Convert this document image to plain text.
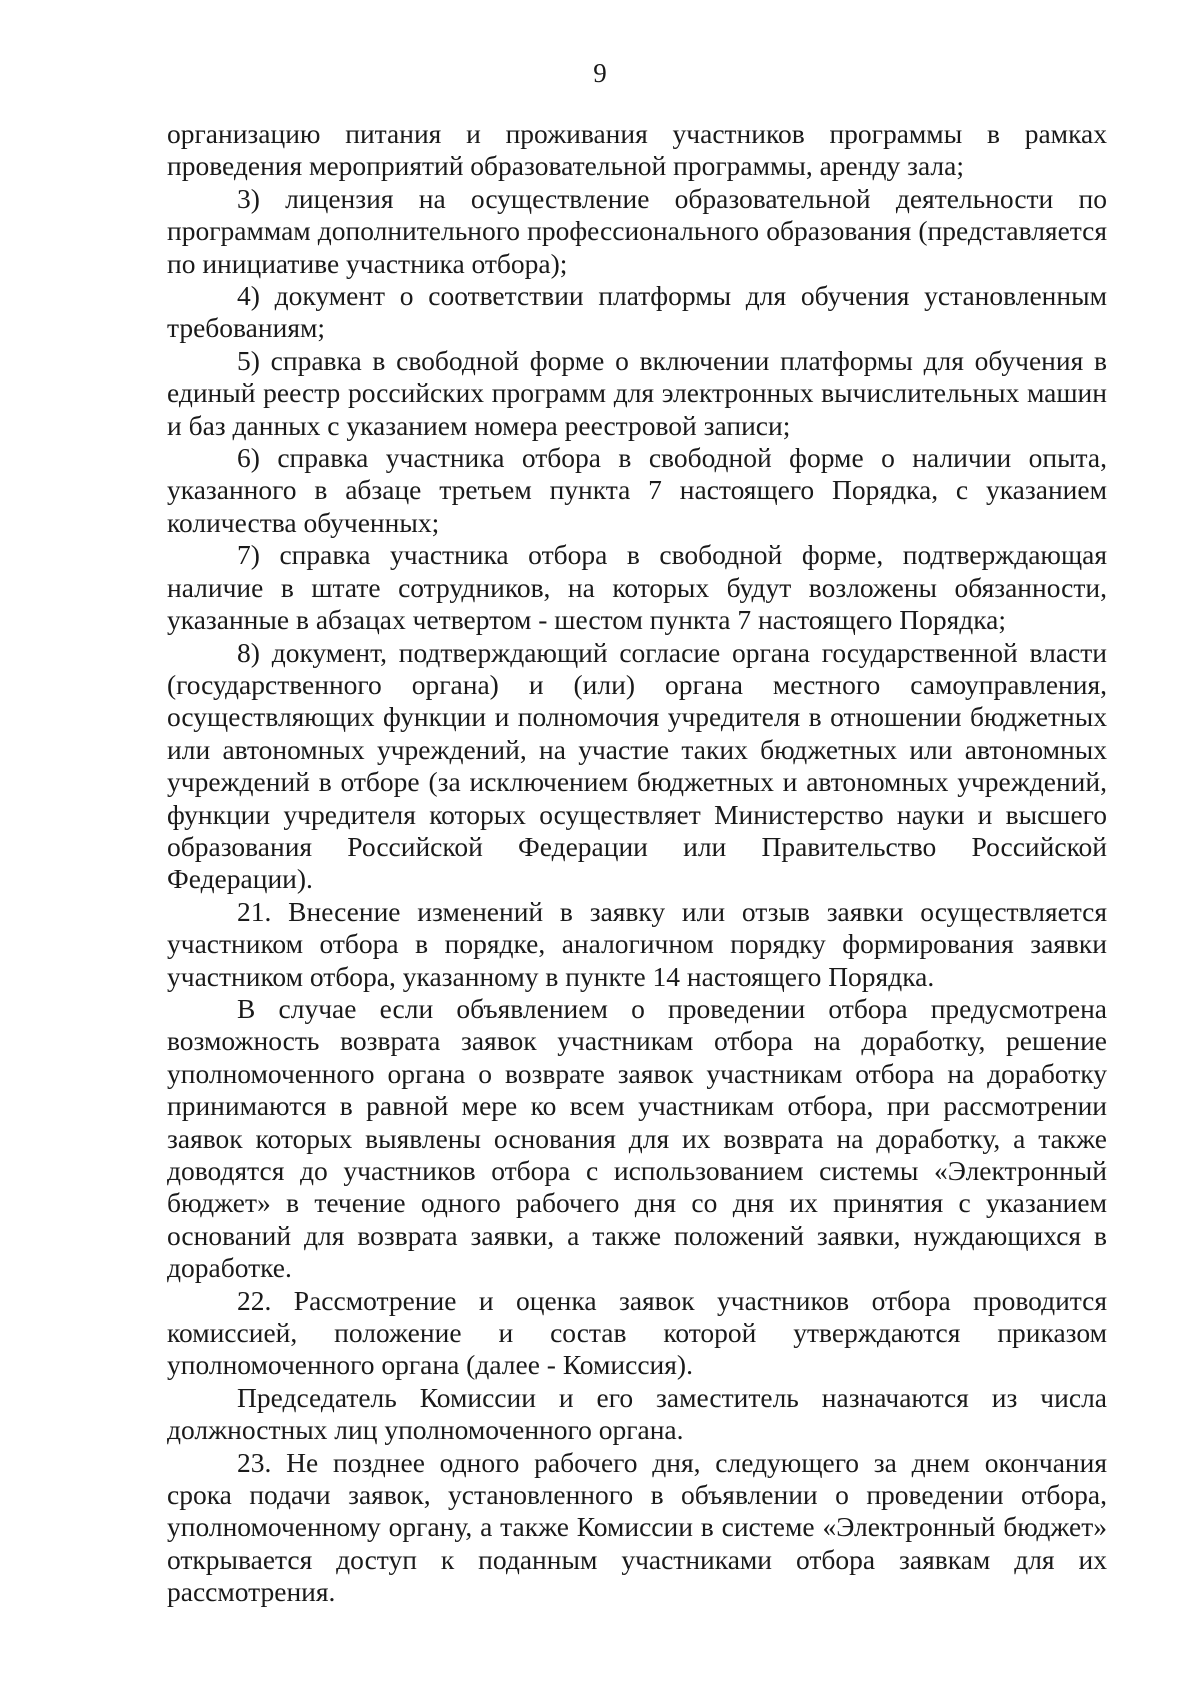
9

организацию питания и проживания участников программы в рамках проведения мероприятий образовательной программы, аренду зала;

3) лицензия на осуществление образовательной деятельности по программам дополнительного профессионального образования (представляется по инициативе участника отбора);

4) документ о соответствии платформы для обучения установленным требованиям;

5) справка в свободной форме о включении платформы для обучения в единый реестр российских программ для электронных вычислительных машин и баз данных с указанием номера реестровой записи;

6) справка участника отбора в свободной форме о наличии опыта, указанного в абзаце третьем пункта 7 настоящего Порядка, с указанием количества обученных;

7) справка участника отбора в свободной форме, подтверждающая наличие в штате сотрудников, на которых будут возложены обязанности, указанные в абзацах четвертом - шестом пункта 7 настоящего Порядка;

8) документ, подтверждающий согласие органа государственной власти (государственного органа) и (или) органа местного самоуправления, осуществляющих функции и полномочия учредителя в отношении бюджетных или автономных учреждений, на участие таких бюджетных или автономных учреждений в отборе (за исключением бюджетных и автономных учреждений, функции учредителя которых осуществляет Министерство науки и высшего образования Российской Федерации или Правительство Российской Федерации).

21. Внесение изменений в заявку или отзыв заявки осуществляется участником отбора в порядке, аналогичном порядку формирования заявки участником отбора, указанному в пункте 14 настоящего Порядка.

В случае если объявлением о проведении отбора предусмотрена возможность возврата заявок участникам отбора на доработку, решение уполномоченного органа о возврате заявок участникам отбора на доработку принимаются в равной мере ко всем участникам отбора, при рассмотрении заявок которых выявлены основания для их возврата на доработку, а также доводятся до участников отбора с использованием системы «Электронный бюджет» в течение одного рабочего дня со дня их принятия с указанием оснований для возврата заявки, а также положений заявки, нуждающихся в доработке.

22. Рассмотрение и оценка заявок участников отбора проводится комиссией, положение и состав которой утверждаются приказом уполномоченного органа (далее - Комиссия).

Председатель Комиссии и его заместитель назначаются из числа должностных лиц уполномоченного органа.

23. Не позднее одного рабочего дня, следующего за днем окончания срока подачи заявок, установленного в объявлении о проведении отбора, уполномоченному органу, а также Комиссии в системе «Электронный бюджет» открывается доступ к поданным участниками отбора заявкам для их рассмотрения.
